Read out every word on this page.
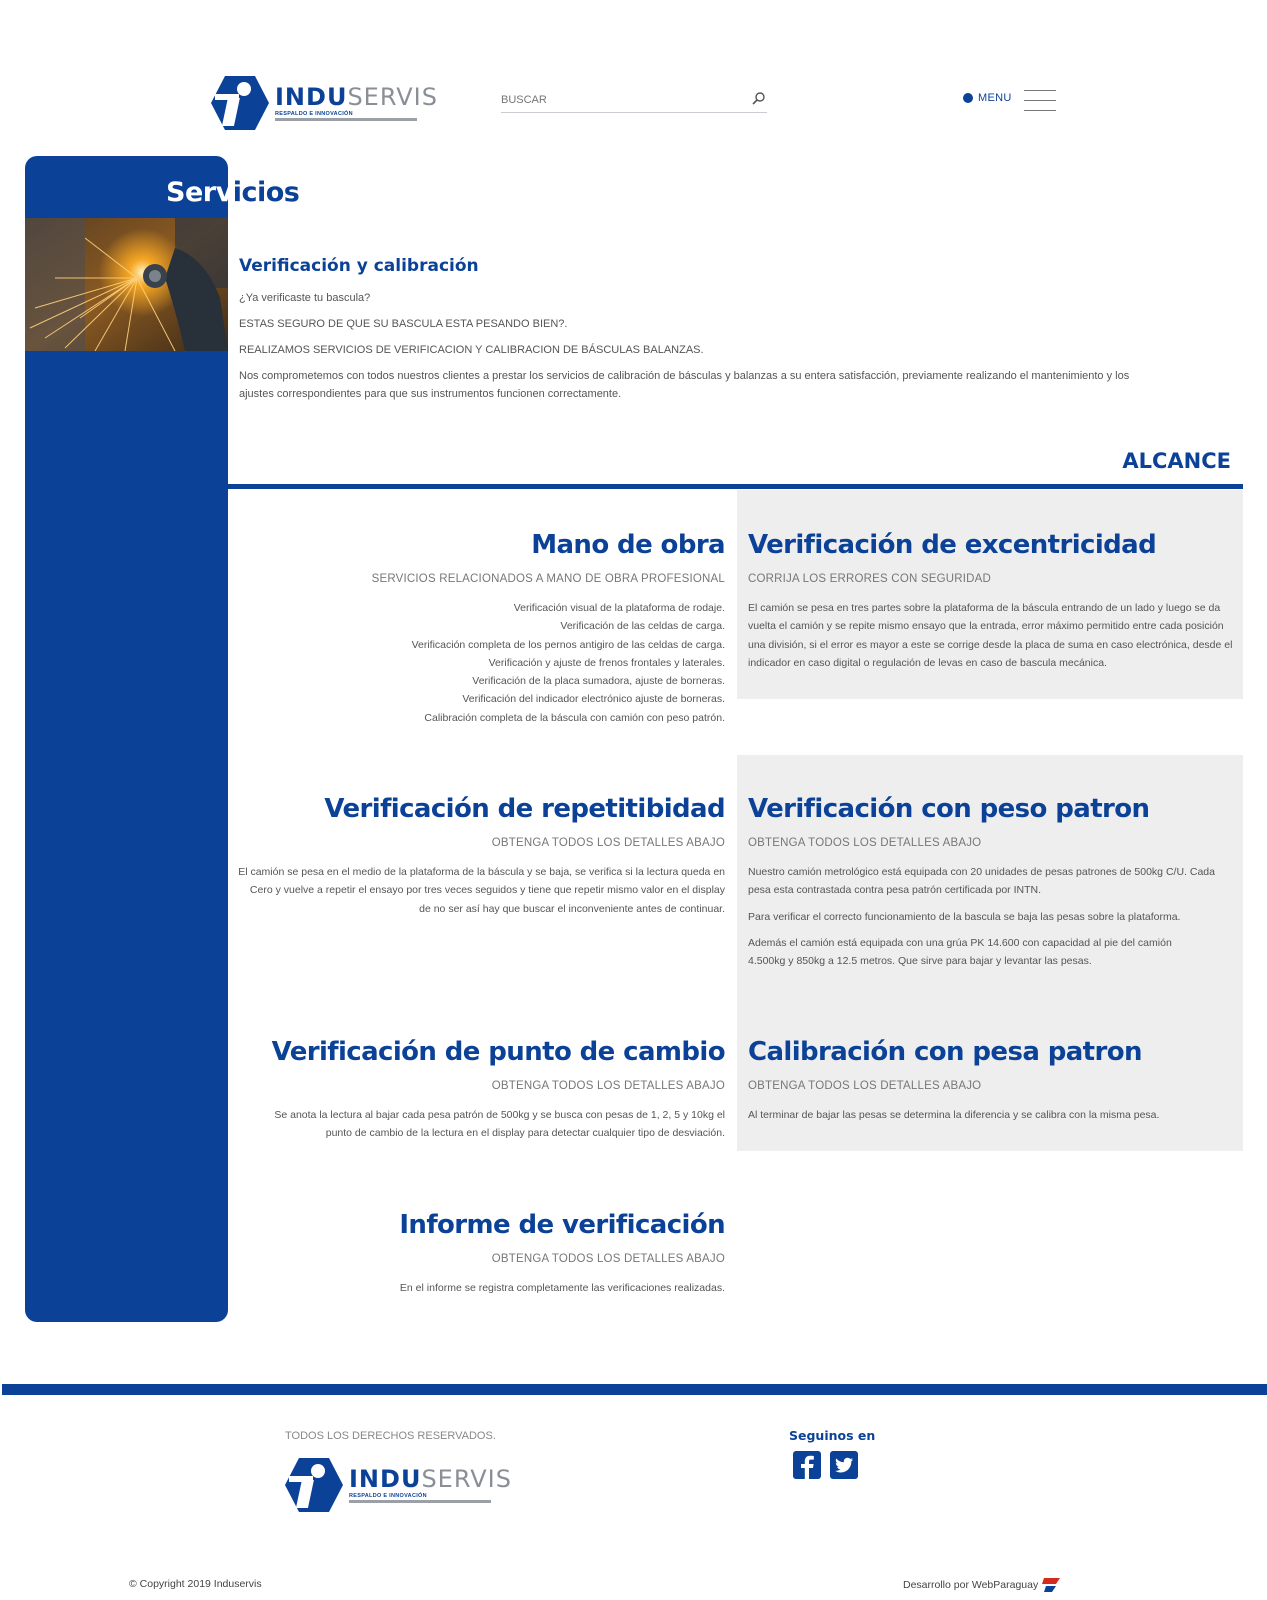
INDUSERVIS
RESPALDO E INNOVACIÓN
BUSCAR
MENU
Servicios
Verificación y calibración

¿Ya verificaste tu bascula?

ESTAS SEGURO DE QUE SU BASCULA ESTA PESANDO BIEN?.

REALIZAMOS SERVICIOS DE VERIFICACION Y CALIBRACION DE BÁSCULAS BALANZAS.

Nos comprometemos con todos nuestros clientes a prestar los servicios de calibración de básculas y balanzas a su entera satisfacción, previamente realizando el mantenimiento y los ajustes correspondientes para que sus instrumentos funcionen correctamente.

ALCANCE
Mano de obra
SERVICIOS RELACIONADOS A MANO DE OBRA PROFESIONAL
Verificación visual de la plataforma de rodaje.
Verificación de las celdas de carga.
Verificación completa de los pernos antigiro de las celdas de carga.
Verificación y ajuste de frenos frontales y laterales.
Verificación de la placa sumadora, ajuste de borneras.
Verificación del indicador electrónico ajuste de borneras.
Calibración completa de la báscula con camión con peso patrón.
Verificación de excentricidad
CORRIJA LOS ERRORES CON SEGURIDAD
El camión se pesa en tres partes sobre la plataforma de la báscula entrando de un lado y luego se da vuelta el camión y se repite mismo ensayo que la entrada, error máximo permitido entre cada posición una división, si el error es mayor a este se corrige desde la placa de suma en caso electrónica, desde el indicador en caso digital o regulación de levas en caso de bascula mecánica.
Verificación de repetitibidad
OBTENGA TODOS LOS DETALLES ABAJO
El camión se pesa en el medio de la plataforma de la báscula y se baja, se verifica si la lectura queda en Cero y vuelve a repetir el ensayo por tres veces seguidos y tiene que repetir mismo valor en el display de no ser así hay que buscar el inconveniente antes de continuar.
Verificación con peso patron
OBTENGA TODOS LOS DETALLES ABAJO

Nuestro camión metrológico está equipada con 20 unidades de pesas patrones de 500kg C/U. Cada pesa esta contrastada contra pesa patrón certificada por INTN.

Para verificar el correcto funcionamiento de la bascula se baja las pesas sobre la plataforma.

Además el camión está equipada con una grúa PK 14.600 con capacidad al pie del camión 4.500kg y 850kg a 12.5 metros. Que sirve para bajar y levantar las pesas.

Verificación de punto de cambio
OBTENGA TODOS LOS DETALLES ABAJO
Se anota la lectura al bajar cada pesa patrón de 500kg y se busca con pesas de 1, 2, 5 y 10kg el punto de cambio de la lectura en el display para detectar cualquier tipo de desviación.
Calibración con pesa patron
OBTENGA TODOS LOS DETALLES ABAJO
Al terminar de bajar las pesas se determina la diferencia y se calibra con la misma pesa.
Informe de verificación
OBTENGA TODOS LOS DETALLES ABAJO
En el informe se registra completamente las verificaciones realizadas.
TODOS LOS DERECHOS RESERVADOS.
INDUSERVIS
RESPALDO E INNOVACIÓN
Seguinos en
© Copyright 2019 Induservis	Desarrollo por WebParaguay
